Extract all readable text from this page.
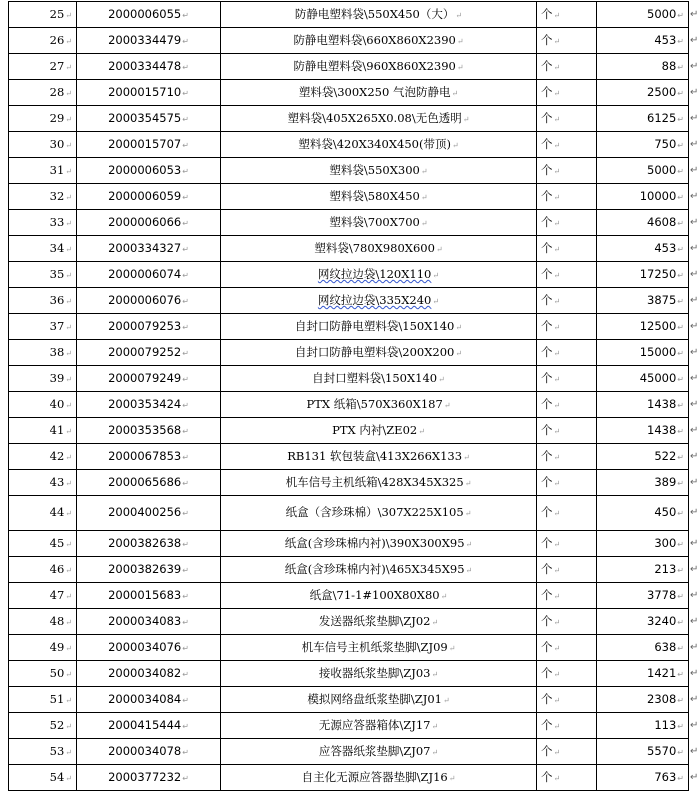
25↵	2000006055↵	防静电塑料袋\550X450（大）↵	个↵	5000↵
26↵	2000334479↵	防静电塑料袋\660X860X2390↵	个↵	453↵
27↵	2000334478↵	防静电塑料袋\960X860X2390↵	个↵	88↵
28↵	2000015710↵	塑料袋\300X250 气泡防静电↵	个↵	2500↵
29↵	2000354575↵	塑料袋\405X265X0.08\无色透明↵	个↵	6125↵
30↵	2000015707↵	塑料袋\420X340X450(带顶)↵	个↵	750↵
31↵	2000006053↵	塑料袋\550X300↵	个↵	5000↵
32↵	2000006059↵	塑料袋\580X450↵	个↵	10000↵
33↵	2000006066↵	塑料袋\700X700↵	个↵	4608↵
34↵	2000334327↵	塑料袋\780X980X600↵	个↵	453↵
35↵	2000006074↵	网纹拉边袋\120X110↵	个↵	17250↵
36↵	2000006076↵	网纹拉边袋\335X240↵	个↵	3875↵
37↵	2000079253↵	自封口防静电塑料袋\150X140↵	个↵	12500↵
38↵	2000079252↵	自封口防静电塑料袋\200X200↵	个↵	15000↵
39↵	2000079249↵	自封口塑料袋\150X140↵	个↵	45000↵
40↵	2000353424↵	PTX 纸箱\570X360X187↵	个↵	1438↵
41↵	2000353568↵	PTX 内衬\ZE02↵	个↵	1438↵
42↵	2000067853↵	RB131 软包装盒\413X266X133↵	个↵	522↵
43↵	2000065686↵	机车信号主机纸箱\428X345X325↵	个↵	389↵
44↵	2000400256↵	纸盒（含珍珠棉）\307X225X105↵	个↵	450↵
45↵	2000382638↵	纸盒(含珍珠棉内衬)\390X300X95↵	个↵	300↵
46↵	2000382639↵	纸盒(含珍珠棉内衬)\465X345X95↵	个↵	213↵
47↵	2000015683↵	纸盒\71-1#100X80X80↵	个↵	3778↵
48↵	2000034083↵	发送器纸浆垫脚\ZJ02↵	个↵	3240↵
49↵	2000034076↵	机车信号主机纸浆垫脚\ZJ09↵	个↵	638↵
50↵	2000034082↵	接收器纸浆垫脚\ZJ03↵	个↵	1421↵
51↵	2000034084↵	模拟网络盘纸浆垫脚\ZJ01↵	个↵	2308↵
52↵	2000415444↵	无源应答器箱体\ZJ17↵	个↵	113↵
53↵	2000034078↵	应答器纸浆垫脚\ZJ07↵	个↵	5570↵
54↵	2000377232↵	自主化无源应答器垫脚\ZJ16↵	个↵	763↵
↵
↵
↵
↵
↵
↵
↵
↵
↵
↵
↵
↵
↵
↵
↵
↵
↵
↵
↵
↵
↵
↵
↵
↵
↵
↵
↵
↵
↵
↵
